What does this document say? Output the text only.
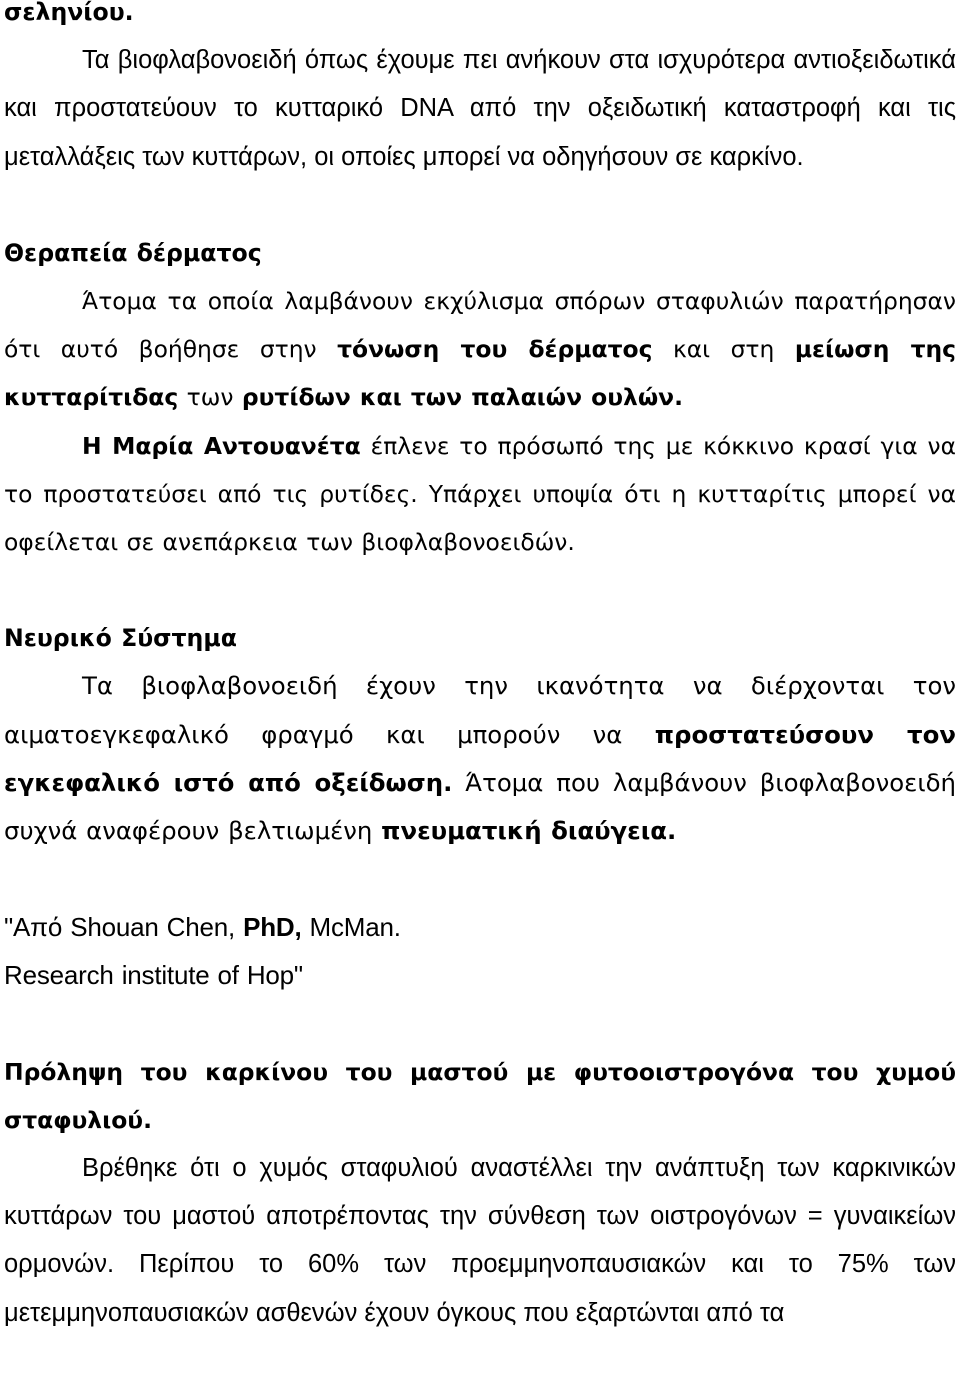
σεληνίου.

Τα βιοφλαβονοειδή όπως έχουμε πει ανήκουν στα ισχυρότερα αντιοξειδωτικά και προστατεύουν το κυτταρικό DNA από την οξειδωτική καταστροφή και τις μεταλλάξεις των κυττάρων, οι οποίες μπορεί να οδηγήσουν σε καρκίνο.

Θεραπεία δέρματος

Άτομα τα οποία λαμβάνουν εκχύλισμα σπόρων σταφυλιών παρατήρησαν ότι αυτό βοήθησε στην τόνωση του δέρματος και στη μείωση της κυτταρίτιδας των ρυτίδων και των παλαιών ουλών.

Η Μαρία Αντουανέτα έπλενε το πρόσωπό της με κόκκινο κρασί για να το προστατεύσει από τις ρυτίδες. Υπάρχει υποψία ότι η κυτταρίτις μπορεί να οφείλεται σε ανεπάρκεια των βιοφλαβονοειδών.

Νευρικό Σύστημα

Τα βιοφλαβονοειδή έχουν την ικανότητα να διέρχονται τον αιματοεγκεφαλικό φραγμό και μπορούν να προστατεύσουν τον εγκεφαλικό ιστό από οξείδωση. Άτομα που λαμβάνουν βιοφλαβονοειδή συχνά αναφέρουν βελτιωμένη πνευματική διαύγεια.

"Από Shouan Chen, PhD, McMan.

Research institute of Hop"

Πρόληψη του καρκίνου του μαστού με φυτοοιστρογόνα του χυμού σταφυλιού.

Βρέθηκε ότι ο χυμός σταφυλιού αναστέλλει την ανάπτυξη των καρκινικών κυττάρων του μαστού αποτρέποντας την σύνθεση των οιστρογόνων = γυναικείων ορμονών. Περίπου το 60% των προεμμηνοπαυσιακών και το 75% των μετεμμηνοπαυσιακών ασθενών έχουν όγκους που εξαρτώνται από τα
